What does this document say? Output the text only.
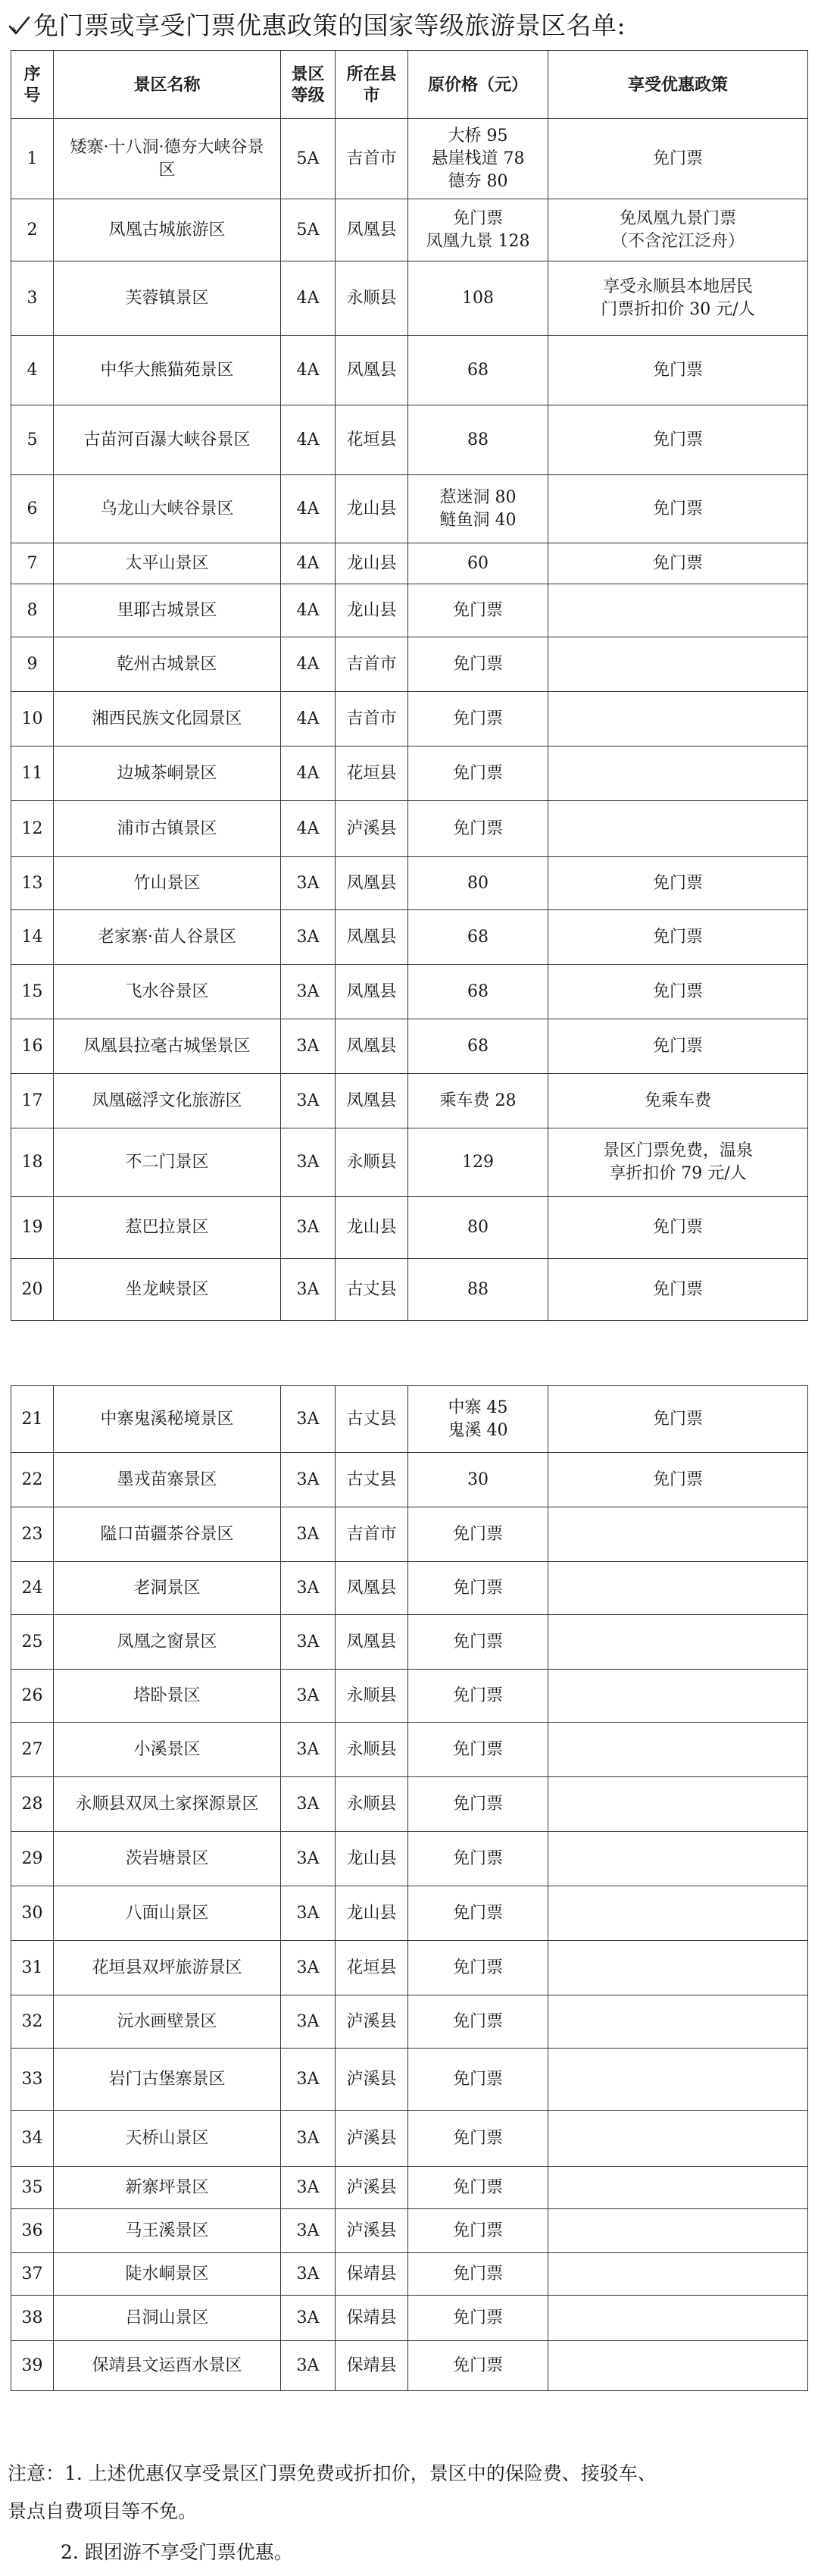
免门票或享受门票优惠政策的国家等级旅游景区名单:
序号	景区名称	景区等级	所在县市	原价格（元）	享受优惠政策
1	矮寨·十八洞·德夯大峡谷景区	5A	吉首市	大桥 95
悬崖栈道 78
德夯 80	免门票
2	凤凰古城旅游区	5A	凤凰县	免门票
凤凰九景 128	免凤凰九景门票
（不含沱江泛舟）
3	芙蓉镇景区	4A	永顺县	108	享受永顺县本地居民
门票折扣价 30 元/人
4	中华大熊猫苑景区	4A	凤凰县	68	免门票
5	古苗河百瀑大峡谷景区	4A	花垣县	88	免门票
6	乌龙山大峡谷景区	4A	龙山县	惹迷洞 80
鲢鱼洞 40	免门票
7	太平山景区	4A	龙山县	60	免门票
8	里耶古城景区	4A	龙山县	免门票	
9	乾州古城景区	4A	吉首市	免门票	
10	湘西民族文化园景区	4A	吉首市	免门票	
11	边城茶峒景区	4A	花垣县	免门票	
12	浦市古镇景区	4A	泸溪县	免门票	
13	竹山景区	3A	凤凰县	80	免门票
14	老家寨·苗人谷景区	3A	凤凰县	68	免门票
15	飞水谷景区	3A	凤凰县	68	免门票
16	凤凰县拉毫古城堡景区	3A	凤凰县	68	免门票
17	凤凰磁浮文化旅游区	3A	凤凰县	乘车费 28	免乘车费
18	不二门景区	3A	永顺县	129	景区门票免费，温泉
享折扣价 79 元/人
19	惹巴拉景区	3A	龙山县	80	免门票
20	坐龙峡景区	3A	古丈县	88	免门票
21	中寨鬼溪秘境景区	3A	古丈县	中寨 45
鬼溪 40	免门票
22	墨戎苗寨景区	3A	古丈县	30	免门票
23	隘口苗疆茶谷景区	3A	吉首市	免门票	
24	老洞景区	3A	凤凰县	免门票	
25	凤凰之窗景区	3A	凤凰县	免门票	
26	塔卧景区	3A	永顺县	免门票	
27	小溪景区	3A	永顺县	免门票	
28	永顺县双凤土家探源景区	3A	永顺县	免门票	
29	茨岩塘景区	3A	龙山县	免门票	
30	八面山景区	3A	龙山县	免门票	
31	花垣县双坪旅游景区	3A	花垣县	免门票	
32	沅水画壁景区	3A	泸溪县	免门票	
33	岩门古堡寨景区	3A	泸溪县	免门票	
34	天桥山景区	3A	泸溪县	免门票	
35	新寨坪景区	3A	泸溪县	免门票	
36	马王溪景区	3A	泸溪县	免门票	
37	陡水峒景区	3A	保靖县	免门票	
38	吕洞山景区	3A	保靖县	免门票	
39	保靖县文运酉水景区	3A	保靖县	免门票	
注意：1. 上述优惠仅享受景区门票免费或折扣价，景区中的保险费、接驳车、
景点自费项目等不免。
2. 跟团游不享受门票优惠。
